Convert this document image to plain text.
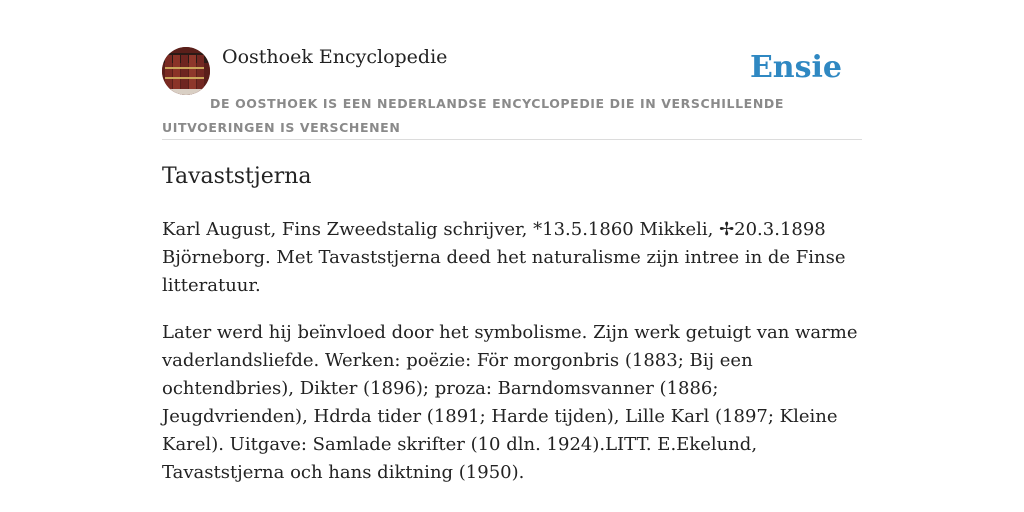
Oosthoek Encyclopedie	Ensie
DE OOSTHOEK IS EEN NEDERLANDSE ENCYCLOPEDIE DIE IN VERSCHILLENDE UITVOERINGEN IS VERSCHENEN
Tavaststjerna
Karl August, Fins Zweedstalig schrijver, *13.5.1860 Mikkeli, ✢20.3.1898 Björneborg. Met Tavaststjerna deed het naturalisme zijn intree in de Finse litteratuur.
Later werd hij beïnvloed door het symbolisme. Zijn werk getuigt van warme vaderlandsliefde. Werken: poëzie: För morgonbris (1883; Bij een ochtendbries), Dikter (1896); proza: Barndomsvanner (1886; Jeugdvrienden), Hdrda tider (1891; Harde tijden), Lille Karl (1897; Kleine Karel). Uitgave: Samlade skrifter (10 dln. 1924).LITT. E.Ekelund, Tavaststjerna och hans diktning (1950).
